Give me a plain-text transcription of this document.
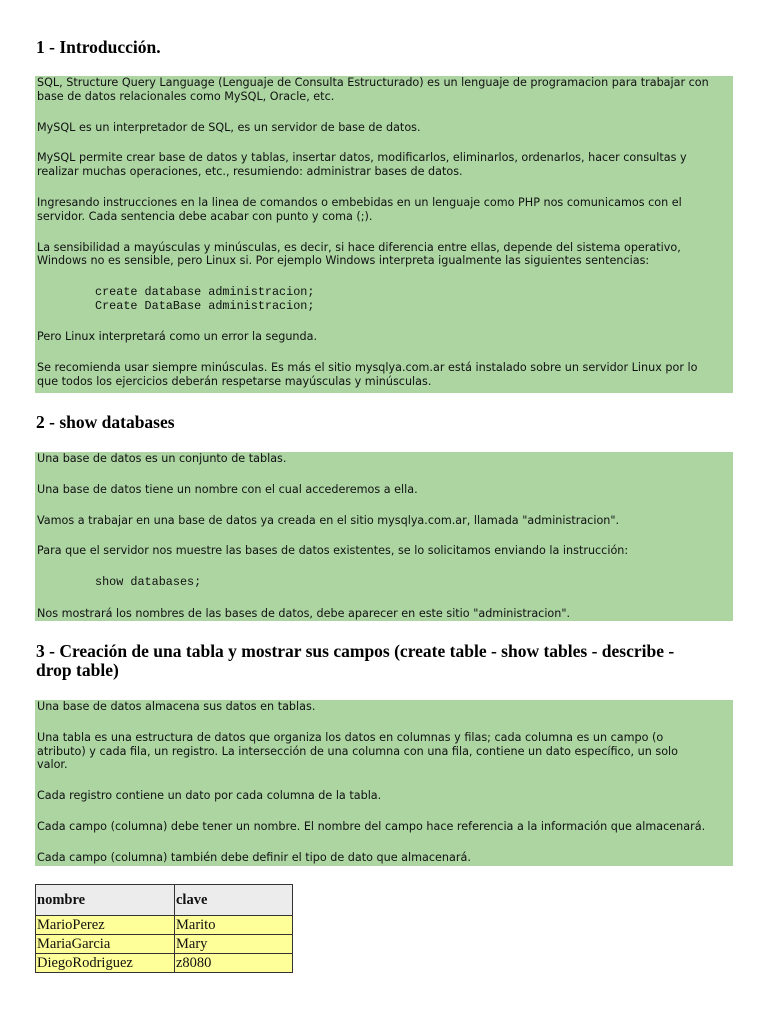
1 - Introducción.

SQL, Structure Query Language (Lenguaje de Consulta Estructurado) es un lenguaje de programacion para trabajar con

base de datos relacionales como MySQL, Oracle, etc.

MySQL es un interpretador de SQL, es un servidor de base de datos.

MySQL permite crear base de datos y tablas, insertar datos, modificarlos, eliminarlos, ordenarlos, hacer consultas y

realizar muchas operaciones, etc., resumiendo: administrar bases de datos.

Ingresando instrucciones en la linea de comandos o embebidas en un lenguaje como PHP nos comunicamos con el

servidor. Cada sentencia debe acabar con punto y coma (;).

La sensibilidad a mayúsculas y minúsculas, es decir, si hace diferencia entre ellas, depende del sistema operativo,

Windows no es sensible, pero Linux si. Por ejemplo Windows interpreta igualmente las siguientes sentencias:

create database administracion;
Create DataBase administracion;

Pero Linux interpretará como un error la segunda.

Se recomienda usar siempre minúsculas. Es más el sitio mysqlya.com.ar está instalado sobre un servidor Linux por lo

que todos los ejercicios deberán respetarse mayúsculas y minúsculas.

2 - show databases

Una base de datos es un conjunto de tablas.

Una base de datos tiene un nombre con el cual accederemos a ella.

Vamos a trabajar en una base de datos ya creada en el sitio mysqlya.com.ar, llamada "administracion".

Para que el servidor nos muestre las bases de datos existentes, se lo solicitamos enviando la instrucción:

show databases;

Nos mostrará los nombres de las bases de datos, debe aparecer en este sitio "administracion".

3 - Creación de una tabla y mostrar sus campos (create table - show tables - describe -
drop table)

Una base de datos almacena sus datos en tablas.

Una tabla es una estructura de datos que organiza los datos en columnas y filas; cada columna es un campo (o

atributo) y cada fila, un registro. La intersección de una columna con una fila, contiene un dato específico, un solo

valor.

Cada registro contiene un dato por cada columna de la tabla.

Cada campo (columna) debe tener un nombre. El nombre del campo hace referencia a la información que almacenará.

Cada campo (columna) también debe definir el tipo de dato que almacenará.

nombre	clave
MarioPerez	Marito
MariaGarcia	Mary
DiegoRodriguez	z8080
